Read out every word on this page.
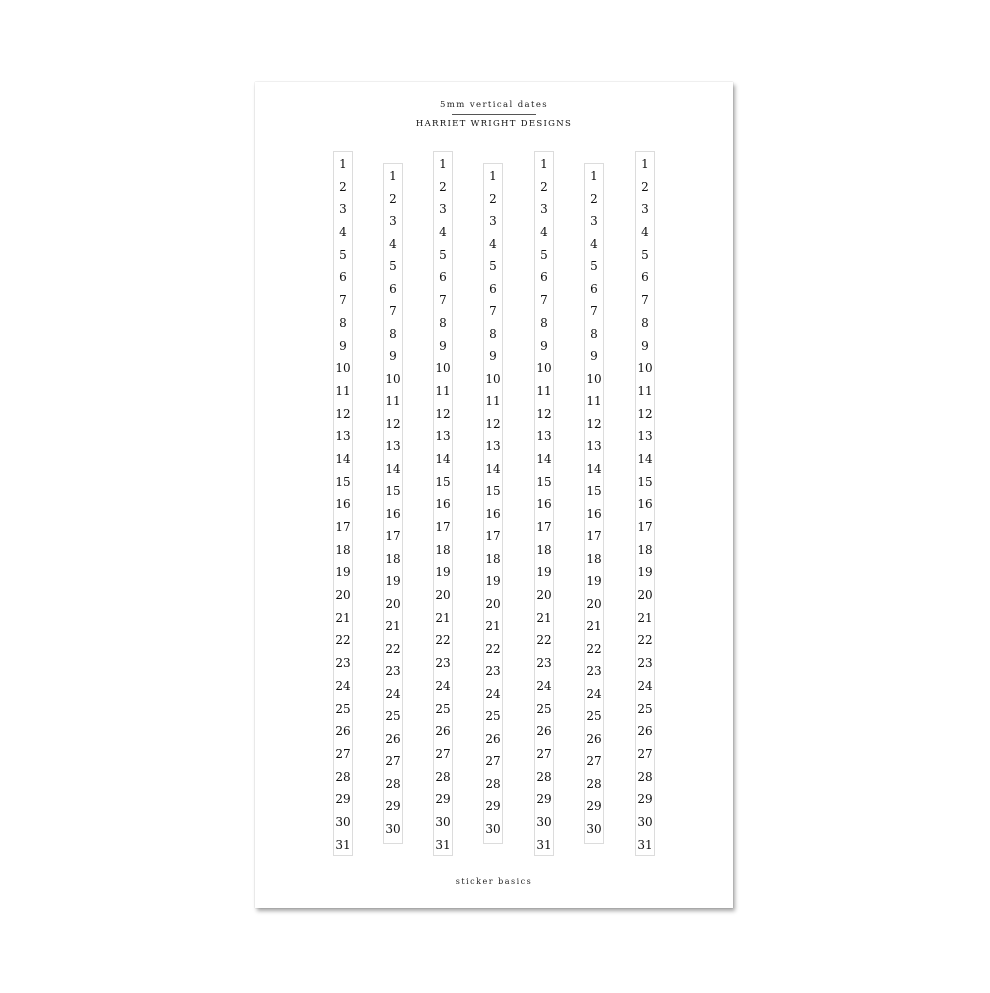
5mm vertical dates
HARRIET WRIGHT DESIGNS
1
2
3
4
5
6
7
8
9
10
11
12
13
14
15
16
17
18
19
20
21
22
23
24
25
26
27
28
29
30
31
1
2
3
4
5
6
7
8
9
10
11
12
13
14
15
16
17
18
19
20
21
22
23
24
25
26
27
28
29
30
1
2
3
4
5
6
7
8
9
10
11
12
13
14
15
16
17
18
19
20
21
22
23
24
25
26
27
28
29
30
31
1
2
3
4
5
6
7
8
9
10
11
12
13
14
15
16
17
18
19
20
21
22
23
24
25
26
27
28
29
30
1
2
3
4
5
6
7
8
9
10
11
12
13
14
15
16
17
18
19
20
21
22
23
24
25
26
27
28
29
30
31
1
2
3
4
5
6
7
8
9
10
11
12
13
14
15
16
17
18
19
20
21
22
23
24
25
26
27
28
29
30
1
2
3
4
5
6
7
8
9
10
11
12
13
14
15
16
17
18
19
20
21
22
23
24
25
26
27
28
29
30
31
sticker basics
